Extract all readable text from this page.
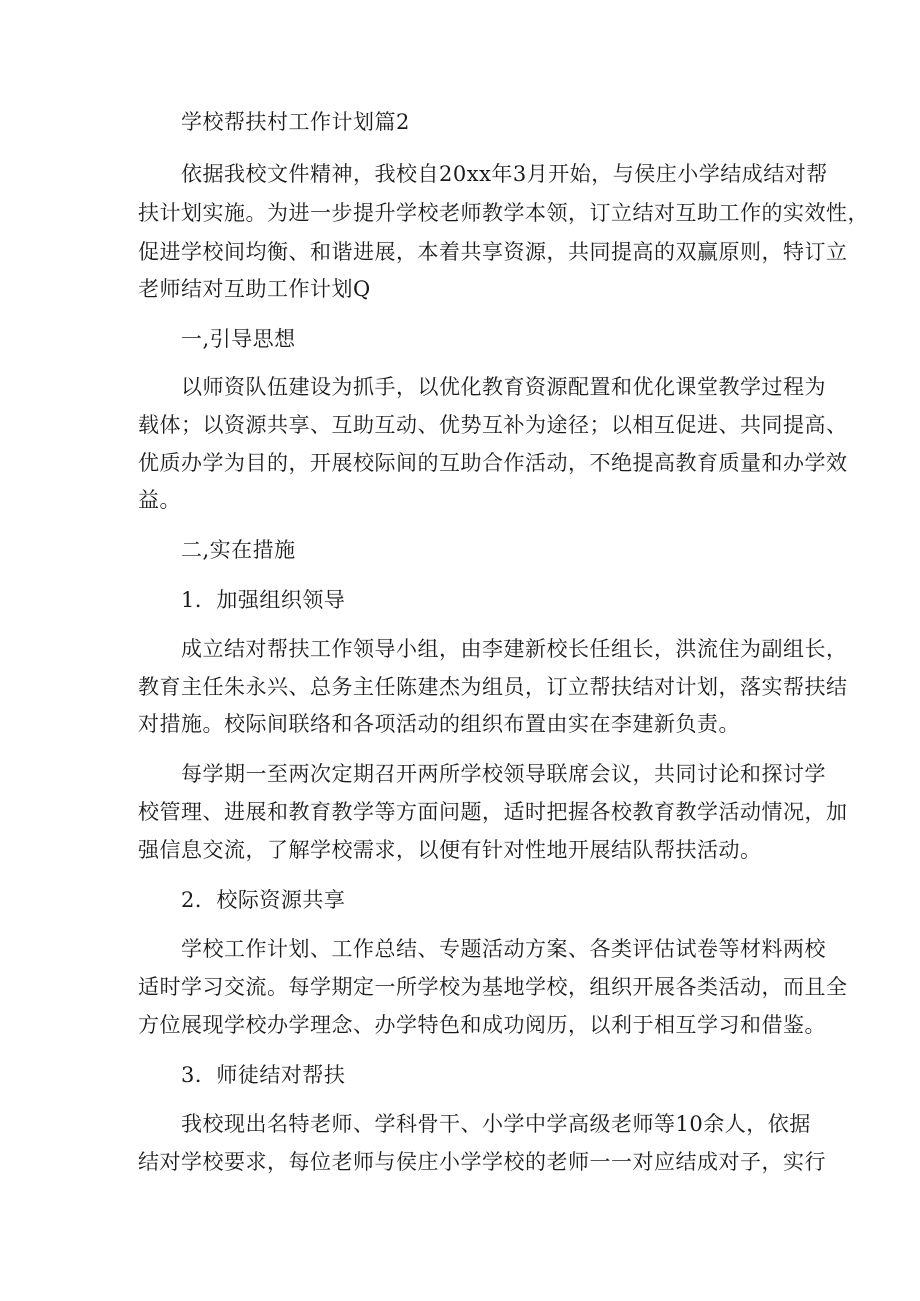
学校帮扶村工作计划篇2
依据我校文件精神，我校自20xx年3月开始，与侯庄小学结成结对帮
扶计划实施。为进一步提升学校老师教学本领，订立结对互助工作的实效性，
促进学校间均衡、和谐进展，本着共享资源，共同提高的双赢原则，特订立
老师结对互助工作计划Q
一,引导思想
以师资队伍建设为抓手，以优化教育资源配置和优化课堂教学过程为
载体；以资源共享、互助互动、优势互补为途径；以相互促进、共同提高、
优质办学为目的，开展校际间的互助合作活动，不绝提高教育质量和办学效
益。
二,实在措施
1．加强组织领导
成立结对帮扶工作领导小组，由李建新校长任组长，洪流住为副组长，
教育主任朱永兴、总务主任陈建杰为组员，订立帮扶结对计划，落实帮扶结
对措施。校际间联络和各项活动的组织布置由实在李建新负责。
每学期一至两次定期召开两所学校领导联席会议，共同讨论和探讨学
校管理、进展和教育教学等方面问题，适时把握各校教育教学活动情况，加
强信息交流，了解学校需求，以便有针对性地开展结队帮扶活动。
2．校际资源共享
学校工作计划、工作总结、专题活动方案、各类评估试卷等材料两校
适时学习交流。每学期定一所学校为基地学校，组织开展各类活动，而且全
方位展现学校办学理念、办学特色和成功阅历，以利于相互学习和借鉴。
3．师徒结对帮扶
我校现出名特老师、学科骨干、小学中学高级老师等10余人，依据
结对学校要求，每位老师与侯庄小学学校的老师一一对应结成对子，实行
